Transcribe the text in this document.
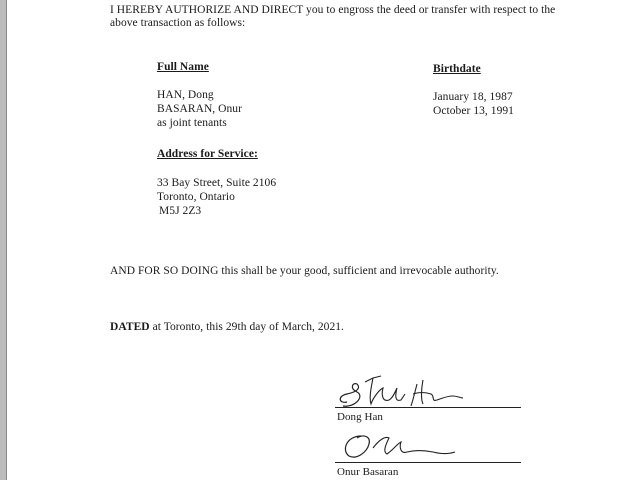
I HEREBY AUTHORIZE AND DIRECT you to engross the deed or transfer with respect to the
above transaction as follows:
Full Name	Birthdate
HAN, Dong
BASARAN, Onur
as joint tenants
January 18, 1987
October 13, 1991
Address for Service:
33 Bay Street, Suite 2106
Toronto, Ontario
M5J 2Z3
AND FOR SO DOING this shall be your good, sufficient and irrevocable authority.
DATED at Toronto, this 29th day of March, 2021.
Dong Han
Onur Basaran
